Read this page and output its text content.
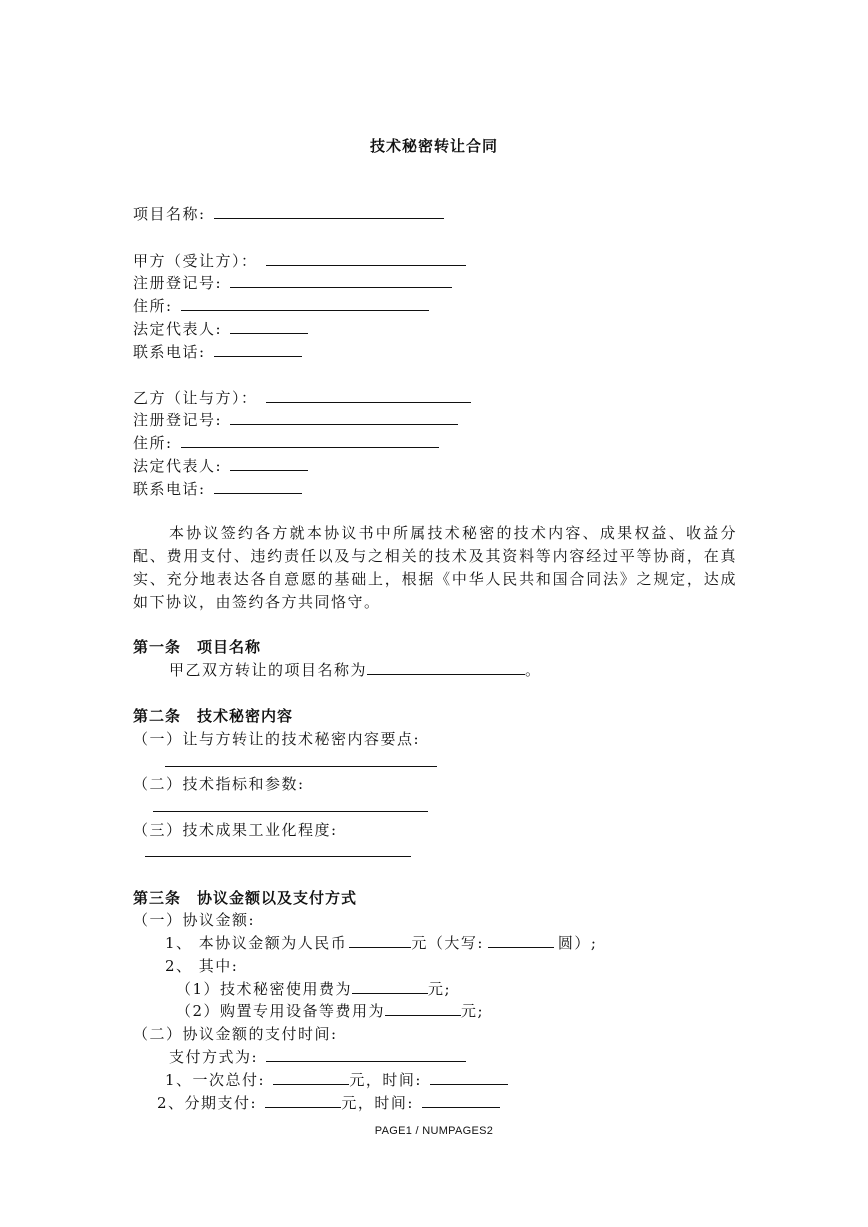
技术秘密转让合同
项目名称:
甲方（受让方）：
注册登记号:
住所:
法定代表人:
联系电话:
乙方（让与方）：
注册登记号:
住所:
法定代表人:
联系电话:
本协议签约各方就本协议书中所属技术秘密的技术内容、成果权益、收益分配、费用支付、违约责任以及与之相关的技术及其资料等内容经过平等协商，在真实、充分地表达各自意愿的基础上，根据《中华人民共和国合同法》之规定，达成如下协议，由签约各方共同恪守。
第一条　项目名称
甲乙双方转让的项目名称为	。
第二条　技术秘密内容
（一）让与方转让的技术秘密内容要点:
（二）技术指标和参数:
（三）技术成果工业化程度:
第三条　协议金额以及支付方式
（一）协议金额:
1、 本协议金额为人民币	元（大写:	圆）;
2、 其中:
（1）技术秘密使用费为	元;
（2）购置专用设备等费用为	元;
（二）协议金额的支付时间:
支付方式为:
1、一次总付:	元，时间:
2、分期支付:	元，时间:
PAGE1 / NUMPAGES2
